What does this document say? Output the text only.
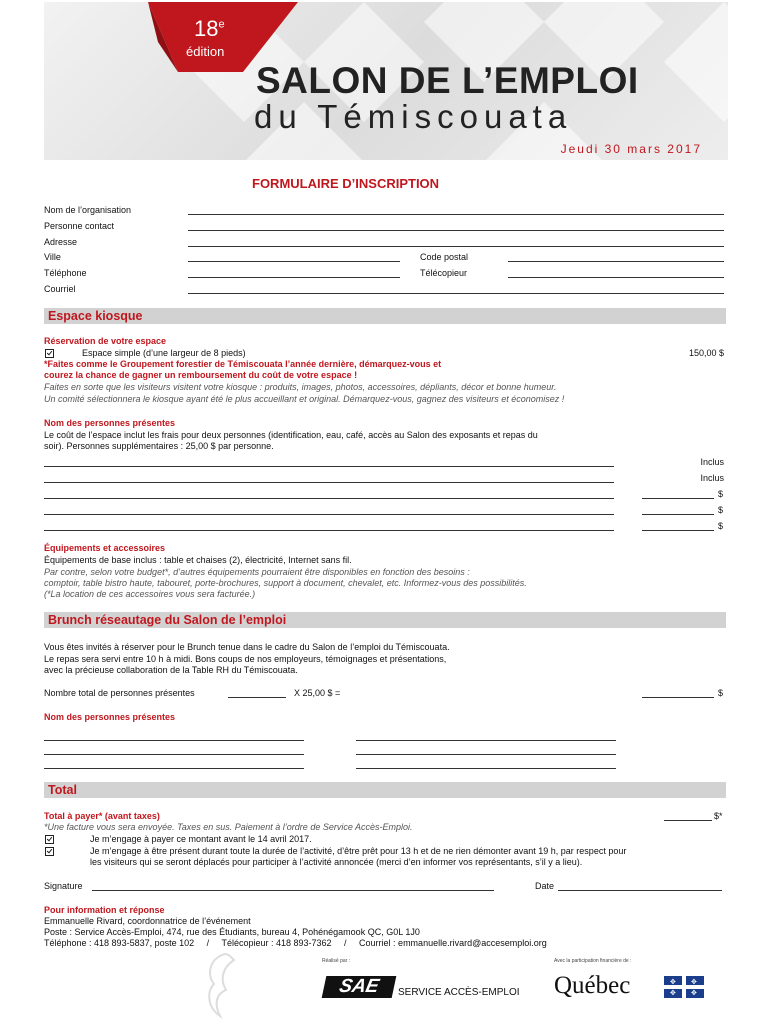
18e
édition
SALON DE L’EMPLOI
du Témiscouata
Jeudi 30 mars 2017
FORMULAIRE D’INSCRIPTION
Nom de l’organisation
Personne contact
Adresse
Ville	Code postal
Téléphone	Télécopieur
Courriel
Espace kiosque
Réservation de votre espace
Espace simple (d’une largeur de 8 pieds)	150,00 $
*Faites comme le Groupement forestier de Témiscouata l’année dernière, démarquez-vous et
courez la chance de gagner un remboursement du coût de votre espace !
Faites en sorte que les visiteurs visitent votre kiosque : produits, images, photos, accessoires, dépliants, décor et bonne humeur.
Un comité sélectionnera le kiosque ayant été le plus accueillant et original. Démarquez-vous, gagnez des visiteurs et économisez !
Nom des personnes présentes
Le coût de l’espace inclut les frais pour deux personnes (identification, eau, café, accès au Salon des exposants et repas du
soir). Personnes supplémentaires : 25,00 $ par personne.
Inclus
Inclus
$
$
$
Équipements et accessoires
Équipements de base inclus : table et chaises (2), électricité, Internet sans fil.
Par contre, selon votre budget*, d’autres équipements pourraient être disponibles en fonction des besoins :
comptoir, table bistro haute, tabouret, porte-brochures, support à document, chevalet, etc. Informez-vous des possibilités.
(*La location de ces accessoires vous sera facturée.)
Brunch réseautage du Salon de l’emploi
Vous êtes invités à réserver pour le Brunch tenue dans le cadre du Salon de l’emploi du Témiscouata.
Le repas sera servi entre 10 h à midi. Bons coups de nos employeurs, témoignages et présentations,
avec la précieuse collaboration de la Table RH du Témiscouata.
Nombre total de personnes présentes	X 25,00 $ =	$
Nom des personnes présentes
Total
Total à payer* (avant taxes)	$*
*Une facture vous sera envoyée. Taxes en sus. Paiement à l’ordre de Service Accès-Emploi.
Je m’engage à payer ce montant avant le 14 avril 2017.
Je m’engage à être présent durant toute la durée de l’activité, d’être prêt pour 13 h et de ne rien démonter avant 19 h, par respect pour
les visiteurs qui se seront déplacés pour participer à l’activité annoncée (merci d’en informer vos représentants, s’il y a lieu).
Signature	Date
Pour information et réponse
Emmanuelle Rivard, coordonnatrice de l’événement
Poste : Service Accès-Emploi, 474, rue des Étudiants, bureau 4, Pohénégamook QC, G0L 1J0
Téléphone : 418 893-5837, poste 102     /     Télécopieur : 418 893-7362     /     Courriel : emmanuelle.rivard@accesemploi.org
Réalisé par :
SAE	SERVICE ACCÈS-EMPLOI
Avec la participation financière de :
Québec	✥ ✥
✥ ✥
